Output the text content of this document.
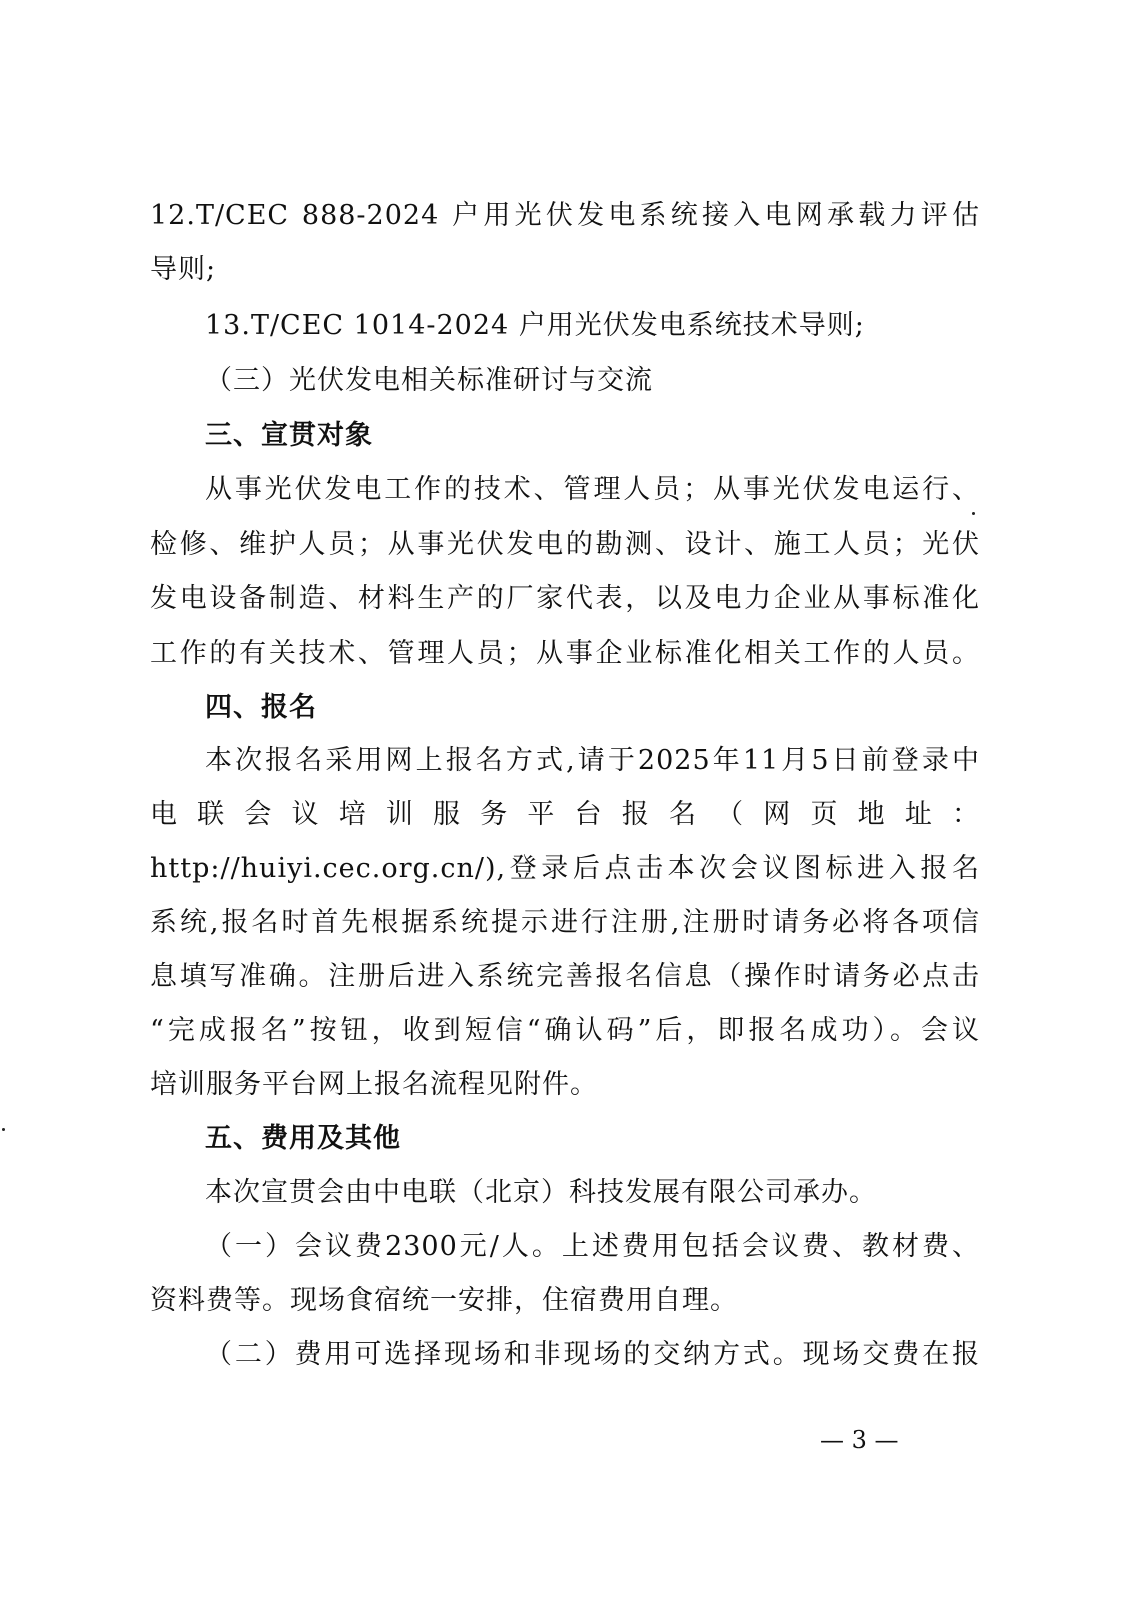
12.T/CEC 888-2024 户用光伏发电系统接入电网承载力评估
导则;
13.T/CEC 1014-2024 户用光伏发电系统技术导则;
（三）光伏发电相关标准研讨与交流
三、宣贯对象
从事光伏发电工作的技术、管理人员；从事光伏发电运行、
检修、维护人员；从事光伏发电的勘测、设计、施工人员；光伏
发电设备制造、材料生产的厂家代表，以及电力企业从事标准化
工作的有关技术、管理人员；从事企业标准化相关工作的人员。
四、报名
本次报名采用网上报名方式,请于2025年11月5日前登录中
电联会议培训服务平台报名（网页地址：
http://huiyi.cec.org.cn/),登录后点击本次会议图标进入报名
系统,报名时首先根据系统提示进行注册,注册时请务必将各项信
息填写准确。注册后进入系统完善报名信息（操作时请务必点击
“完成报名”按钮，收到短信“确认码”后，即报名成功）。会议
培训服务平台网上报名流程见附件。
五、费用及其他
本次宣贯会由中电联（北京）科技发展有限公司承办。
（一）会议费2300元/人。上述费用包括会议费、教材费、
资料费等。现场食宿统一安排，住宿费用自理。
（二）费用可选择现场和非现场的交纳方式。现场交费在报
— 3 —
